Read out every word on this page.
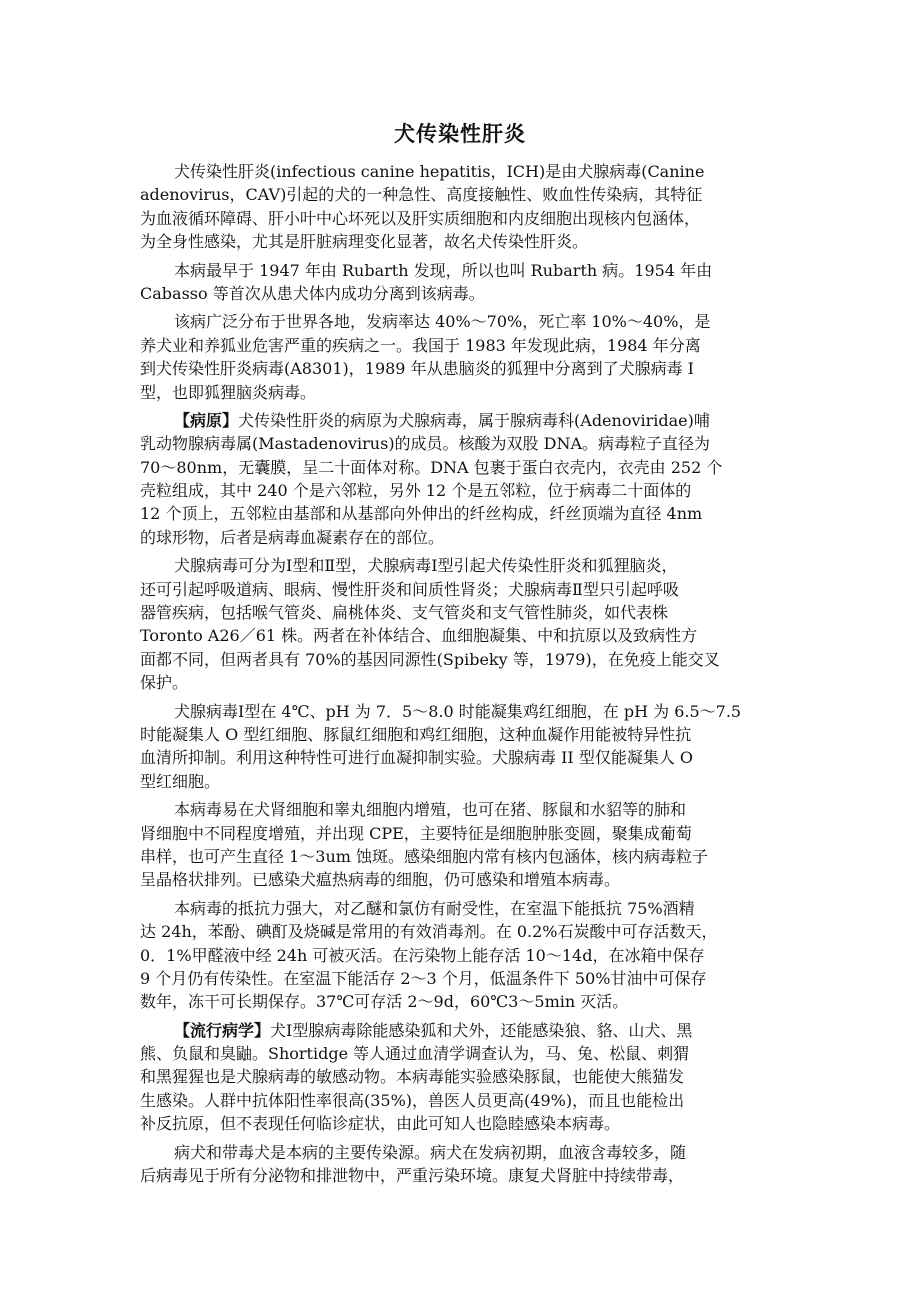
犬传染性肝炎
犬传染性肝炎(infectious canine hepatitis，ICH)是由犬腺病毒(Canine
adenovirus，CAV)引起的犬的一种急性、高度接触性、败血性传染病，其特征
为血液循环障碍、肝小叶中心坏死以及肝实质细胞和内皮细胞出现核内包涵体，
为全身性感染，尤其是肝脏病理变化显著，故名犬传染性肝炎。
本病最早于 1947 年由 Rubarth 发现，所以也叫 Rubarth 病。1954 年由
Cabasso 等首次从患犬体内成功分离到该病毒。
该病广泛分布于世界各地，发病率达 40%～70%，死亡率 10%～40%，是
养犬业和养狐业危害严重的疾病之一。我国于 1983 年发现此病，1984 年分离
到犬传染性肝炎病毒(A8301)，1989 年从患脑炎的狐狸中分离到了犬腺病毒 I
型，也即狐狸脑炎病毒。
【病原】犬传染性肝炎的病原为犬腺病毒，属于腺病毒科(Adenoviridae)哺
乳动物腺病毒属(Mastadenovirus)的成员。核酸为双股 DNA。病毒粒子直径为
70～80nm，无囊膜，呈二十面体对称。DNA 包裹于蛋白衣壳内，衣壳由 252 个
壳粒组成，其中 240 个是六邻粒，另外 12 个是五邻粒，位于病毒二十面体的
12 个顶上，五邻粒由基部和从基部向外伸出的纤丝构成，纤丝顶端为直径 4nm
的球形物，后者是病毒血凝素存在的部位。
犬腺病毒可分为Ⅰ型和Ⅱ型，犬腺病毒Ⅰ型引起犬传染性肝炎和狐狸脑炎，
还可引起呼吸道病、眼病、慢性肝炎和间质性肾炎；犬腺病毒Ⅱ型只引起呼吸
器管疾病，包括喉气管炎、扁桃体炎、支气管炎和支气管性肺炎，如代表株
Toronto A26／61 株。两者在补体结合、血细胞凝集、中和抗原以及致病性方
面都不同，但两者具有 70%的基因同源性(Spibeky 等，1979)，在免疫上能交叉
保护。
犬腺病毒Ⅰ型在 4℃、pH 为 7．5～8.0 时能凝集鸡红细胞，在 pH 为 6.5～7.5
时能凝集人 O 型红细胞、豚鼠红细胞和鸡红细胞，这种血凝作用能被特异性抗
血清所抑制。利用这种特性可进行血凝抑制实验。犬腺病毒 II 型仅能凝集人 O
型红细胞。
本病毒易在犬肾细胞和睾丸细胞内增殖，也可在猪、豚鼠和水貂等的肺和
肾细胞中不同程度增殖，并出现 CPE，主要特征是细胞肿胀变圆，聚集成葡萄
串样，也可产生直径 1～3um 蚀斑。感染细胞内常有核内包涵体，核内病毒粒子
呈晶格状排列。已感染犬瘟热病毒的细胞，仍可感染和增殖本病毒。
本病毒的抵抗力强大，对乙醚和氯仿有耐受性，在室温下能抵抗 75%酒精
达 24h，苯酚、碘酊及烧碱是常用的有效消毒剂。在 0.2%石炭酸中可存活数天，
0．1%甲醛液中经 24h 可被灭活。在污染物上能存活 10～14d，在冰箱中保存
9 个月仍有传染性。在室温下能活存 2～3 个月，低温条件下 50%甘油中可保存
数年，冻干可长期保存。37℃可存活 2～9d，60℃3～5min 灭活。
【流行病学】犬Ⅰ型腺病毒除能感染狐和犬外，还能感染狼、貉、山犬、黑
熊、负鼠和臭鼬。Shortidge 等人通过血清学调查认为，马、兔、松鼠、刺猬
和黑猩猩也是犬腺病毒的敏感动物。本病毒能实验感染豚鼠，也能使大熊猫发
生感染。人群中抗体阳性率很高(35%)，兽医人员更高(49%)，而且也能检出
补反抗原，但不表现任何临诊症状，由此可知人也隐睦感染本病毒。
病犬和带毒犬是本病的主要传染源。病犬在发病初期，血液含毒较多，随
后病毒见于所有分泌物和排泄物中，严重污染环境。康复犬肾脏中持续带毒，
